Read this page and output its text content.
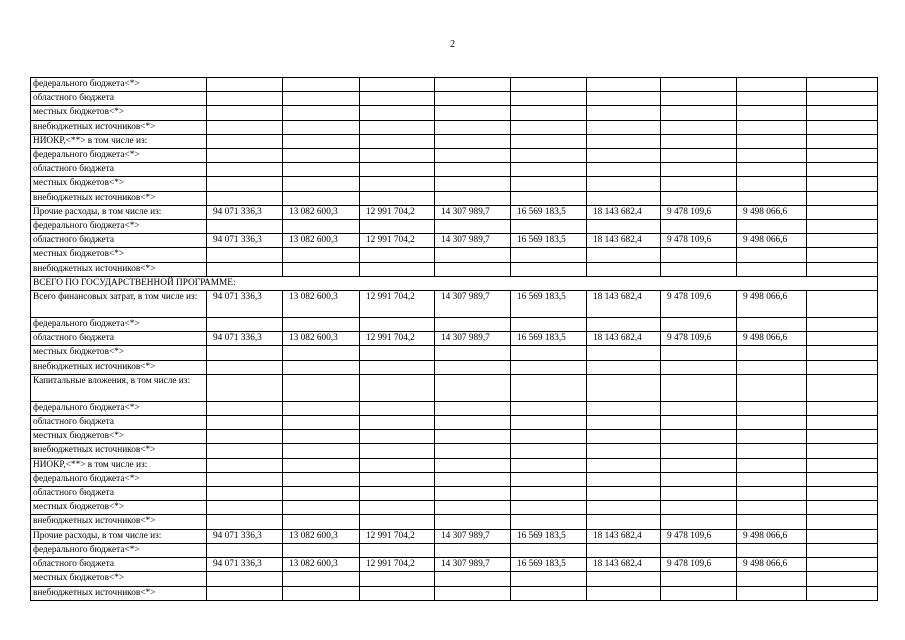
2
федерального бюджета<*>									
областного бюджета									
местных бюджетов<*>									
внебюджетных источников<*>									
НИОКР,<**> в том числе из:									
федерального бюджета<*>									
областного бюджета									
местных бюджетов<*>									
внебюджетных источников<*>									
Прочие расходы, в том числе из:	94 071 336,3	13 082 600,3	12 991 704,2	14 307 989,7	16 569 183,5	18 143 682,4	9 478 109,6	9 498 066,6	
федерального бюджета<*>									
областного бюджета	94 071 336,3	13 082 600,3	12 991 704,2	14 307 989,7	16 569 183,5	18 143 682,4	9 478 109,6	9 498 066,6	
местных бюджетов<*>									
внебюджетных источников<*>									
ВСЕГО ПО ГОСУДАРСТВЕННОЙ ПРОГРАММЕ:									
Всего финансовых затрат, в том числе из:	94 071 336,3	13 082 600,3	12 991 704,2	14 307 989,7	16 569 183,5	18 143 682,4	9 478 109,6	9 498 066,6	
федерального бюджета<*>									
областного бюджета	94 071 336,3	13 082 600,3	12 991 704,2	14 307 989,7	16 569 183,5	18 143 682,4	9 478 109,6	9 498 066,6	
местных бюджетов<*>									
внебюджетных источников<*>									
Капитальные вложения, в том числе из:									
федерального бюджета<*>									
областного бюджета									
местных бюджетов<*>									
внебюджетных источников<*>									
НИОКР,<**> в том числе из:									
федерального бюджета<*>									
областного бюджета									
местных бюджетов<*>									
внебюджетных источников<*>									
Прочие расходы, в том числе из:	94 071 336,3	13 082 600,3	12 991 704,2	14 307 989,7	16 569 183,5	18 143 682,4	9 478 109,6	9 498 066,6	
федерального бюджета<*>									
областного бюджета	94 071 336,3	13 082 600,3	12 991 704,2	14 307 989,7	16 569 183,5	18 143 682,4	9 478 109,6	9 498 066,6	
местных бюджетов<*>									
внебюджетных источников<*>									
